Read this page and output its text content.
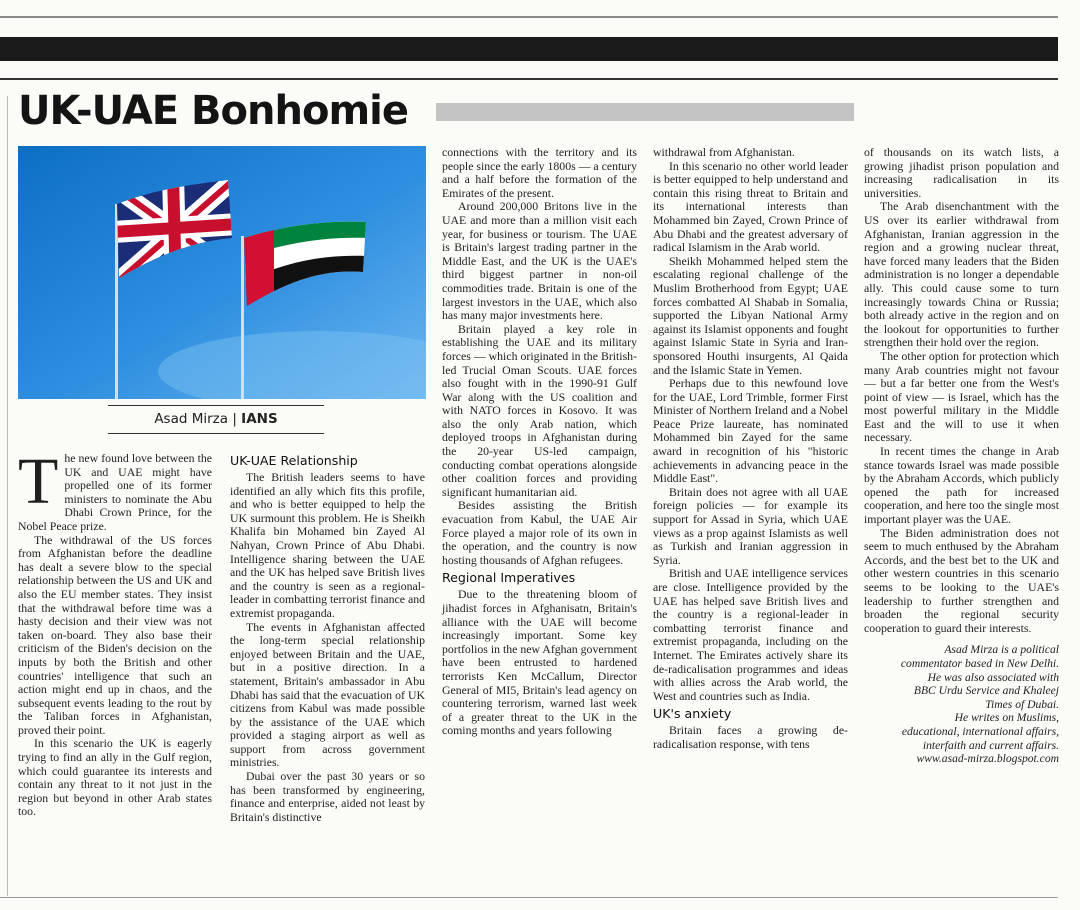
UK-UAE Bonhomie
Asad Mirza | IANS

The new found love between the UK and UAE might have propelled one of its former ministers to nominate the Abu Dhabi Crown Prince, for the Nobel Peace prize.

The withdrawal of the US forces from Afghanistan before the deadline has dealt a severe blow to the special relationship between the US and UK and also the EU member states. They insist that the withdrawal before time was a hasty decision and their view was not taken on-board. They also base their criticism of the Biden's decision on the inputs by both the British and other countries' intelligence that such an action might end up in chaos, and the subsequent events leading to the rout by the Taliban forces in Afghanistan, proved their point.

In this scenario the UK is eagerly trying to find an ally in the Gulf region, which could guarantee its interests and contain any threat to it not just in the region but beyond in other Arab states too.

UK-UAE Relationship

The British leaders seems to have identified an ally which fits this profile, and who is better equipped to help the UK surmount this problem. He is Sheikh Khalifa bin Mohamed bin Zayed Al Nahyan, Crown Prince of Abu Dhabi. Intelligence sharing between the UAE and the UK has helped save British lives and the country is seen as a regional-leader in combatting terrorist finance and extremist propaganda.

The events in Afghanistan affected the long-term special relationship enjoyed between Britain and the UAE, but in a positive direction. In a statement, Britain's ambassador in Abu Dhabi has said that the evacuation of UK citizens from Kabul was made possible by the assistance of the UAE which provided a staging airport as well as support from across government ministries.

Dubai over the past 30 years or so has been transformed by engineering, finance and enterprise, aided not least by Britain's distinctive

connections with the territory and its people since the early 1800s — a century and a half before the formation of the Emirates of the present.

Around 200,000 Britons live in the UAE and more than a million visit each year, for business or tourism. The UAE is Britain's largest trading partner in the Middle East, and the UK is the UAE's third biggest partner in non-oil commodities trade. Britain is one of the largest investors in the UAE, which also has many major investments here.

Britain played a key role in establishing the UAE and its military forces — which originated in the British-led Trucial Oman Scouts. UAE forces also fought with in the 1990-91 Gulf War along with the US coalition and with NATO forces in Kosovo. It was also the only Arab nation, which deployed troops in Afghanistan during the 20-year US-led campaign, conducting combat operations alongside other coalition forces and providing significant humanitarian aid.

Besides assisting the British evacuation from Kabul, the UAE Air Force played a major role of its own in the operation, and the country is now hosting thousands of Afghan refugees.

Regional Imperatives

Due to the threatening bloom of jihadist forces in Afghanisatn, Britain's alliance with the UAE will become increasingly important. Some key portfolios in the new Afghan government have been entrusted to hardened terrorists Ken McCallum, Director General of MI5, Britain's lead agency on countering terrorism, warned last week of a greater threat to the UK in the coming months and years following

withdrawal from Afghanistan.

In this scenario no other world leader is better equipped to help understand and contain this rising threat to Britain and its international interests than Mohammed bin Zayed, Crown Prince of Abu Dhabi and the greatest adversary of radical Islamism in the Arab world.

Sheikh Mohammed helped stem the escalating regional challenge of the Muslim Brotherhood from Egypt; UAE forces combatted Al Shabab in Somalia, supported the Libyan National Army against its Islamist opponents and fought against Islamic State in Syria and Iran-sponsored Houthi insurgents, Al Qaida and the Islamic State in Yemen.

Perhaps due to this newfound love for the UAE, Lord Trimble, former First Minister of Northern Ireland and a Nobel Peace Prize laureate, has nominated Mohammed bin Zayed for the same award in recognition of his "historic achievements in advancing peace in the Middle East".

Britain does not agree with all UAE foreign policies — for example its support for Assad in Syria, which UAE views as a prop against Islamists as well as Turkish and Iranian aggression in Syria.

British and UAE intelligence services are close. Intelligence provided by the UAE has helped save British lives and the country is a regional-leader in combatting terrorist finance and extremist propaganda, including on the Internet. The Emirates actively share its de-radicalisation programmes and ideas with allies across the Arab world, the West and countries such as India.

UK's anxiety

Britain faces a growing de-radicalisation response, with tens

of thousands on its watch lists, a growing jihadist prison population and increasing radicalisation in its universities.

The Arab disenchantment with the US over its earlier withdrawal from Afghanistan, Iranian aggression in the region and a growing nuclear threat, have forced many leaders that the Biden administration is no longer a dependable ally. This could cause some to turn increasingly towards China or Russia; both already active in the region and on the lookout for opportunities to further strengthen their hold over the region.

The other option for protection which many Arab countries might not favour — but a far better one from the West's point of view — is Israel, which has the most powerful military in the Middle East and the will to use it when necessary.

In recent times the change in Arab stance towards Israel was made possible by the Abraham Accords, which publicly opened the path for increased cooperation, and here too the single most important player was the UAE.

The Biden administration does not seem to much enthused by the Abraham Accords, and the best bet to the UK and other western countries in this scenario seems to be looking to the UAE's leadership to further strengthen and broaden the regional security cooperation to guard their interests.

Asad Mirza is a political
commentator based in New Delhi.
He was also associated with
BBC Urdu Service and Khaleej
Times of Dubai.
He writes on Muslims,
educational, international affairs,
interfaith and current affairs.
www.asad-mirza.blogspot.com
